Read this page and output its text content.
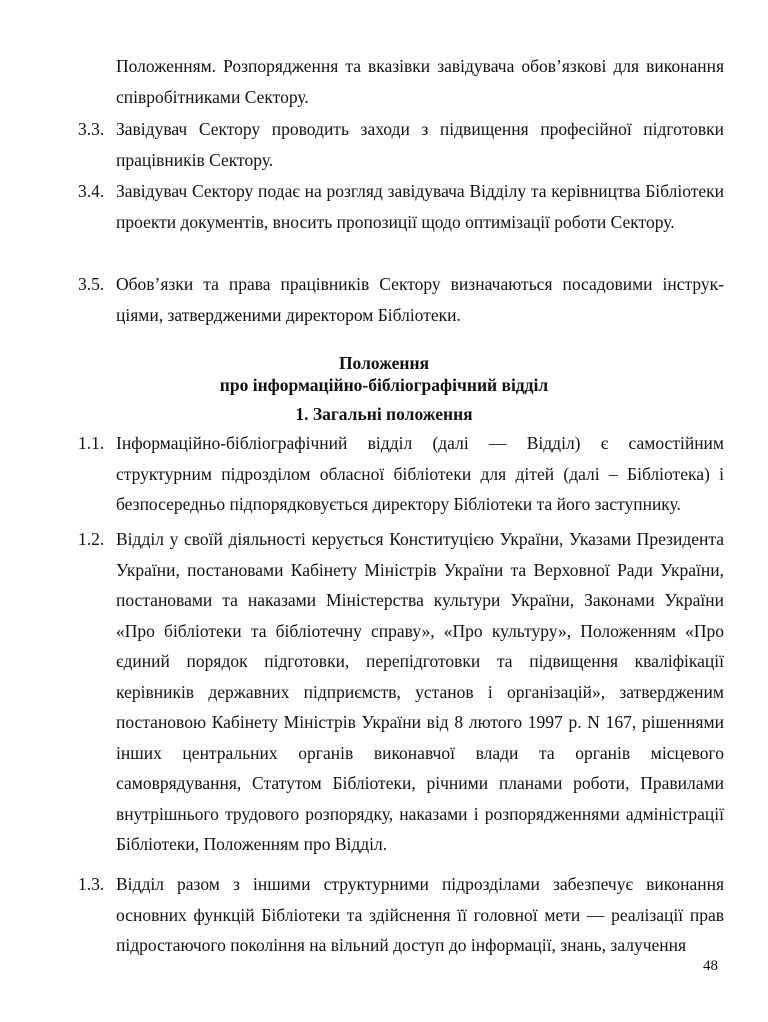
Положенням. Розпорядження та вказівки завідувача обов’язкові для виконання співробітниками Сектору.
3.3. Завідувач Сектору проводить заходи з підвищення професійної підготовки працівників Сектору.
3.4. Завідувач Сектору подає на розгляд завідувача Відділу та керівництва Бібліотеки проекти документів, вносить пропозиції щодо оптимізації роботи Сектору.
3.5. Обов’язки та права працівників Сектору визначаються посадовими інструк-ціями, затвердженими директором Бібліотеки.
Положення
про інформаційно-бібліографічний відділ
1. Загальні положення
1.1. Інформаційно-бібліографічний відділ (далі — Відділ) є самостійним структурним підрозділом обласної бібліотеки для дітей (далі – Бібліотека) і безпосередньо підпорядковується директору Бібліотеки та його заступнику.
1.2. Відділ у своїй діяльності керується Конституцією України, Указами Президента України, постановами Кабінету Міністрів України та Верховної Ради України, постановами та наказами Міністерства культури України, Законами України «Про бібліотеки та бібліотечну справу», «Про культуру», Положенням «Про єдиний порядок підготовки, перепідготовки та підвищення кваліфікації керівників державних підприємств, установ і організацій», затвердженим постановою Кабінету Міністрів України від 8 лютого 1997 р. N 167, рішеннями інших центральних органів виконавчої влади та органів місцевого самоврядування, Статутом Бібліотеки, річними планами роботи, Правилами внутрішнього трудового розпорядку, наказами і розпорядженнями адміністрації Бібліотеки, Положенням про Відділ.
1.3. Відділ разом з іншими структурними підрозділами забезпечує виконання основних функцій Бібліотеки та здійснення її головної мети — реалізації прав підростаючого покоління на вільний доступ до інформації, знань, залучення
48
